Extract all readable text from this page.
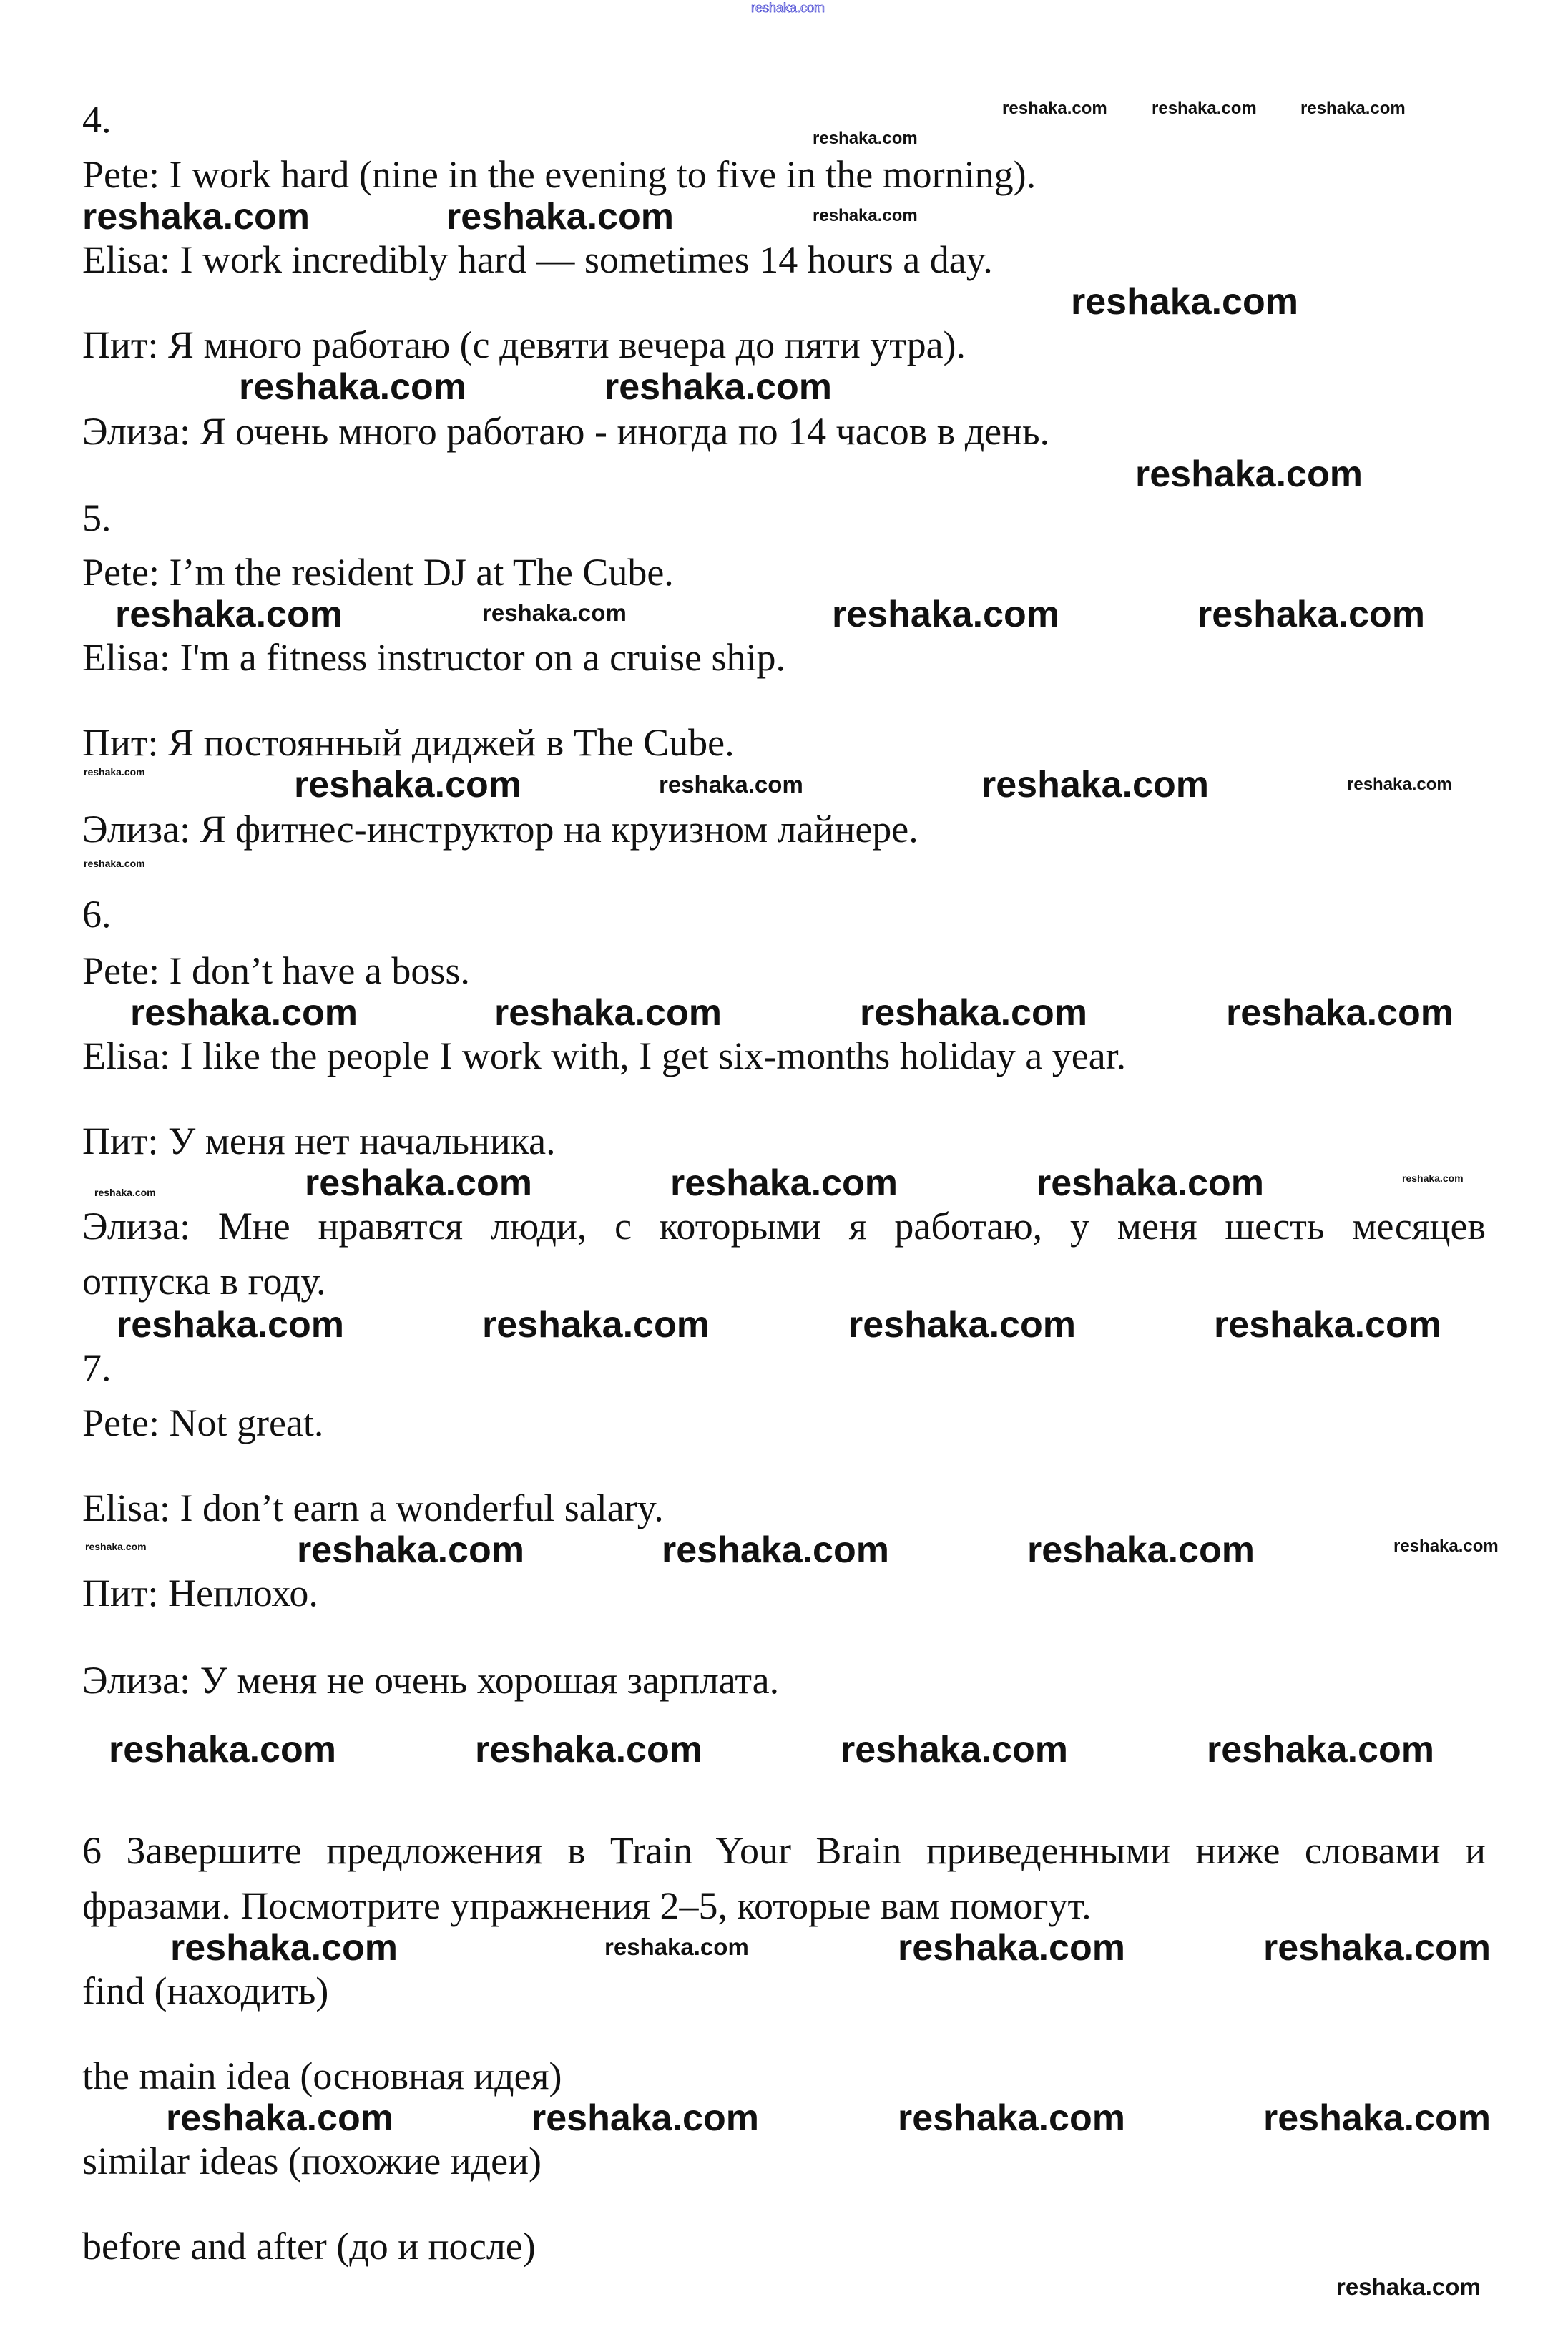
reshaka.com
4.
Pete: I work hard (nine in the evening to five in the morning).
Elisa: I work incredibly hard — sometimes 14 hours a day.
Пит: Я много работаю (с девяти вечера до пяти утра).
Элиза: Я очень много работаю - иногда по 14 часов в день.
5.
Pete: I’m the resident DJ at The Cube.
Elisa: I'm a fitness instructor on a cruise ship.
Пит: Я постоянный диджей в The Cube.
Элиза: Я фитнес-инструктор на круизном лайнере.
6.
Pete: I don’t have a boss.
Elisa: I like the people I work with, I get six-months holiday a year.
Пит: У меня нет начальника.
Элиза: Мне нравятся люди, с которыми я работаю, у меня шесть месяцев
отпуска в году.
7.
Pete: Not great.
Elisa: I don’t earn a wonderful salary.
Пит: Неплохо.
Элиза: У меня не очень хорошая зарплата.
6 Завершите предложения в Train Your Brain приведенными ниже словами и
фразами. Посмотрите упражнения 2–5, которые вам помогут.
find (находить)
the main idea (основная идея)
similar ideas (похожие идеи)
before and after (до и после)
reshaka.com	reshaka.com
reshaka.com
reshaka.com	reshaka.com
reshaka.com
reshaka.com	reshaka.com	reshaka.com
reshaka.com	reshaka.com
reshaka.com	reshaka.com	reshaka.com	reshaka.com
reshaka.com	reshaka.com	reshaka.com
reshaka.com	reshaka.com	reshaka.com	reshaka.com
reshaka.com	reshaka.com	reshaka.com
reshaka.com	reshaka.com	reshaka.com	reshaka.com
reshaka.com
reshaka.com	reshaka.com
reshaka.com
reshaka.com	reshaka.com	reshaka.com
reshaka.com
reshaka.com
reshaka.com
reshaka.com
reshaka.com	reshaka.com	reshaka.com
reshaka.com
reshaka.com
reshaka.com
reshaka.com
reshaka.com
reshaka.com
reshaka.com
reshaka.com
reshaka.com
